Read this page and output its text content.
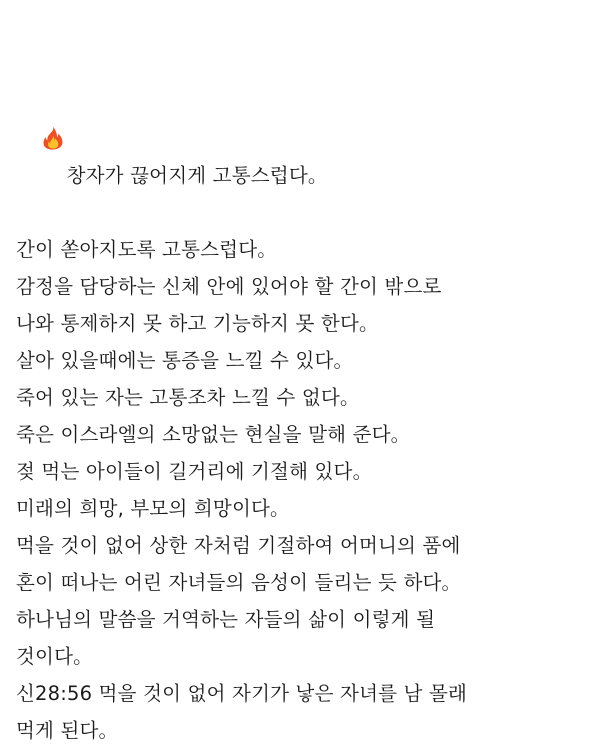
창자가 끊어지게 고통스럽다。

간이 쏟아지도록 고통스럽다。
감정을 담당하는 신체 안에 있어야 할 간이 밖으로
나와 통제하지 못 하고 기능하지 못 한다。
살아 있을때에는 통증을 느낄 수 있다。
죽어 있는 자는 고통조차 느낄 수 없다。
죽은 이스라엘의 소망없는 현실을 말해 준다。
젖 먹는 아이들이 길거리에 기절해 있다。
미래의 희망, 부모의 희망이다。
먹을 것이 없어 상한 자처럼 기절하여 어머니의 품에
혼이 떠나는 어린 자녀들의 음성이 들리는 듯 하다。
하나님의 말씀을 거역하는 자들의 삶이 이렇게 될
것이다。
신28:56 먹을 것이 없어 자기가 낳은 자녀를 남 몰래
먹게 된다。
